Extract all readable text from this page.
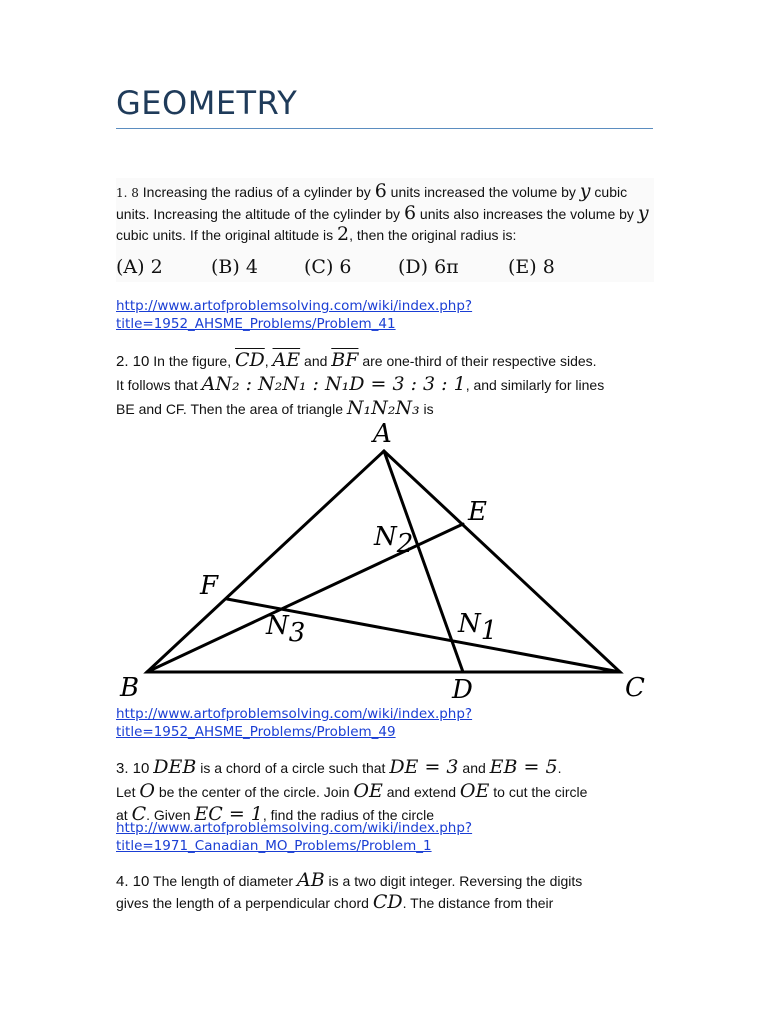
GEOMETRY
1. 8 Increasing the radius of a cylinder by 6 units increased the volume by y cubic units. Increasing the altitude of the cylinder by 6 units also increases the volume by y cubic units. If the original altitude is 2, then the original radius is:
(A) 2	(B) 4 (C) 6 (D) 6π	(E) 8
http://www.artofproblemsolving.com/wiki/index.php?
title=1952_AHSME_Problems/Problem_41
2. 10 In the figure, $\overline{CD}$, $\overline{AE}$ and $\overline{BF}$ are one-third of their respective sides.
It follows that AN₂ : N₂N₁ : N₁D = 3 : 3 : 1, and similarly for lines
BE and CF. Then the area of triangle N₁N₂N₃ is
A
E
F
B	D	C
N2
N3	N1
http://www.artofproblemsolving.com/wiki/index.php?
title=1952_AHSME_Problems/Problem_49
3. 10 DEB is a chord of a circle such that DE = 3 and EB = 5.
Let O be the center of the circle. Join OE and extend OE to cut the circle
at C. Given EC = 1, find the radius of the circle
http://www.artofproblemsolving.com/wiki/index.php?
title=1971_Canadian_MO_Problems/Problem_1
4. 10 The length of diameter AB is a two digit integer. Reversing the digits
gives the length of a perpendicular chord CD. The distance from their
